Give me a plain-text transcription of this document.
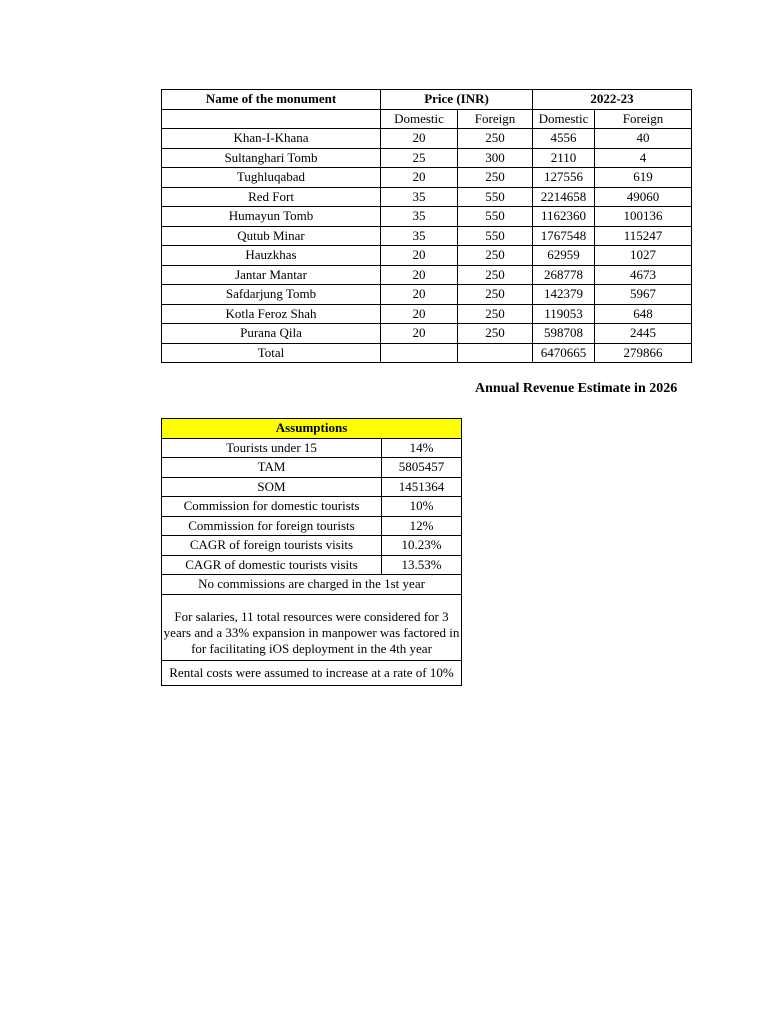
Name of the monument	Price (INR)		2022-23	
	Domestic	Foreign	Domestic	Foreign
Khan-I-Khana	20	250	4556	40
Sultanghari Tomb	25	300	2110	4
Tughluqabad	20	250	127556	619
Red Fort	35	550	2214658	49060
Humayun Tomb	35	550	1162360	100136
Qutub Minar	35	550	1767548	115247
Hauzkhas	20	250	62959	1027
Jantar Mantar	20	250	268778	4673
Safdarjung Tomb	20	250	142379	5967
Kotla Feroz Shah	20	250	119053	648
Purana Qila	20	250	598708	2445
Total			6470665	279866
Annual Revenue Estimate in 2026
Assumptions	
Tourists under 15	14%
TAM	5805457
SOM	1451364
Commission for domestic tourists	10%
Commission for foreign tourists	12%
CAGR of foreign tourists visits	10.23%
CAGR of domestic tourists visits	13.53%
No commissions are charged in the 1st year	
For salaries, 11 total resources were considered for 3 years and a 33% expansion in manpower was factored in for facilitating iOS deployment in the 4th year	
Rental costs were assumed to increase at a rate of 10%	
